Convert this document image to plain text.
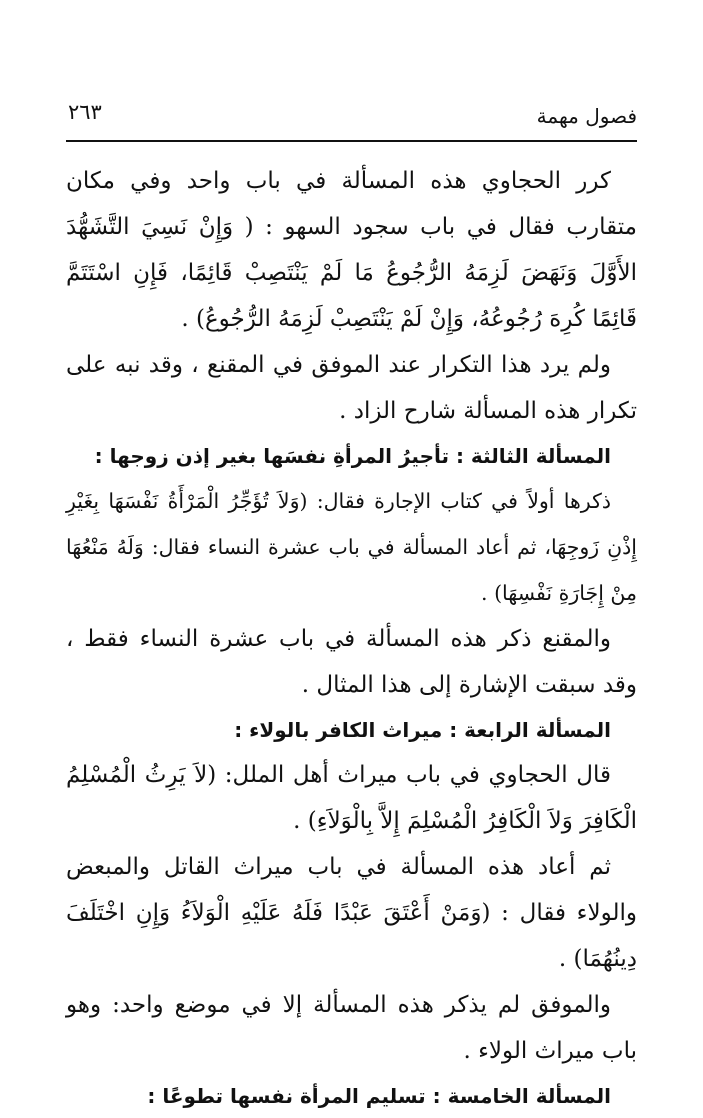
٢٦٣	فصول مهمة

كرر الحجاوي هذه المسألة في باب واحد وفي مكان متقارب فقال في باب سجود السهو : ( وَإِنْ نَسِيَ التَّشَهُّدَ الأَوَّلَ وَنَهَضَ لَزِمَهُ الرُّجُوعُ مَا لَمْ يَنْتَصِبْ قَائِمًا، فَإِنِ اسْتَتَمَّ قَائِمًا كُرِهَ رُجُوعُهُ، وَإِنْ لَمْ يَنْتَصِبْ لَزِمَهُ الرُّجُوعُ) .

ولم يرد هذا التكرار عند الموفق في المقنع ، وقد نبه على تكرار هذه المسألة شارح الزاد .

المسألة الثالثة : تأجيرُ المرأةِ نفسَها بغير إذن زوجها :

ذكرها أولاً في كتاب الإجارة فقال: (وَلاَ تُؤَجِّرُ الْمَرْأَةُ نَفْسَهَا بِغَيْرِ إِذْنِ زَوجِهَا، ثم أعاد المسألة في باب عشرة النساء فقال: وَلَهُ مَنْعُهَا مِنْ إِجَارَةِ نَفْسِهَا) .

والمقنع ذكر هذه المسألة في باب عشرة النساء فقط ، وقد سبقت الإشارة إلى هذا المثال .

المسألة الرابعة : ميراث الكافر بالولاء :

قال الحجاوي في باب ميراث أهل الملل: (لاَ يَرِثُ الْمُسْلِمُ الْكَافِرَ وَلاَ الْكَافِرُ الْمُسْلِمَ إِلاَّ بِالْوَلاَءِ) .

ثم أعاد هذه المسألة في باب ميراث القاتل والمبعض والولاء فقال : (وَمَنْ أَعْتَقَ عَبْدًا فَلَهُ عَلَيْهِ الْوَلاَءُ وَإِنِ اخْتَلَفَ دِينُهُمَا) .

والموفق لم يذكر هذه المسألة إلا في موضع واحد: وهو باب ميراث الولاء .

المسألة الخامسة : تسليم المرأة نفسها تطوعًا :
